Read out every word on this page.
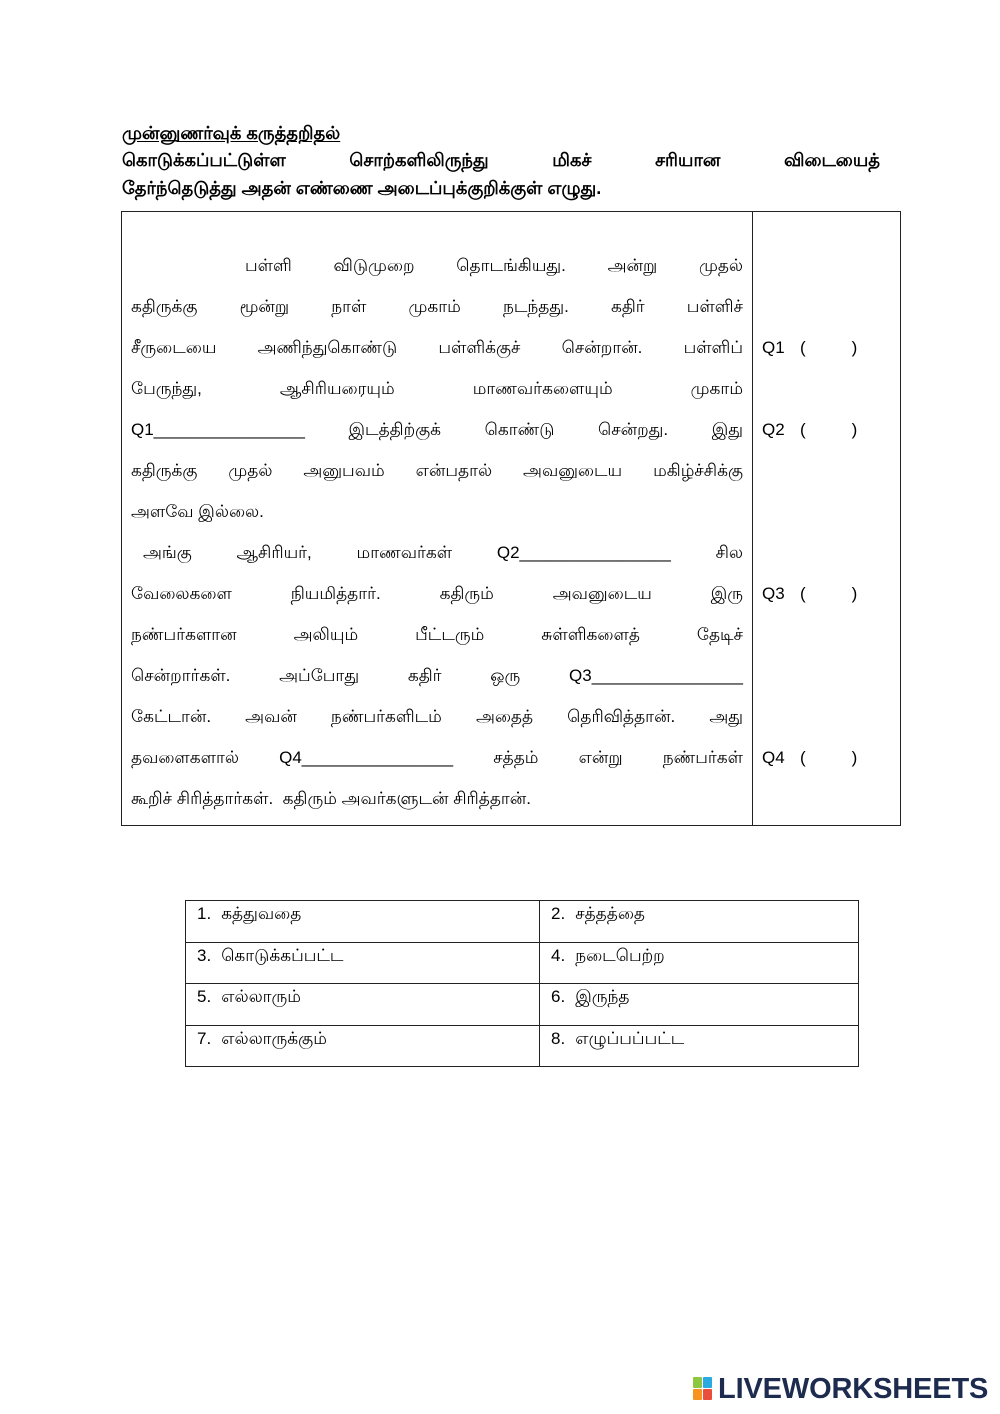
முன்னுணர்வுக் கருத்தறிதல்
கொடுக்கப்பட்டுள்ள சொற்களிலிருந்து மிகச் சரியான விடையைத்
தேர்ந்தெடுத்து அதன் எண்ணை அடைப்புக்குறிக்குள் எழுது.
பள்ளி விடுமுறை தொடங்கியது. அன்று முதல்
கதிருக்கு மூன்று நாள் முகாம் நடந்தது. கதிர் பள்ளிச்
சீருடையை அணிந்துகொண்டு பள்ளிக்குச் சென்றான். பள்ளிப்
பேருந்து, ஆசிரியரையும் மாணவர்களையும் முகாம்
Q1________________ இடத்திற்குக் கொண்டு சென்றது. இது
கதிருக்கு முதல் அனுபவம் என்பதால் அவனுடைய மகிழ்ச்சிக்கு
அளவே இல்லை.
அங்கு ஆசிரியர், மாணவர்கள் Q2________________ சில
வேலைகளை நியமித்தார். கதிரும் அவனுடைய இரு
நண்பர்களான அலியும் பீட்டரும் சுள்ளிகளைத் தேடிச்
சென்றார்கள். அப்போது கதிர் ஒரு Q3________________
கேட்டான். அவன் நண்பர்களிடம் அதைத் தெரிவித்தான். அது
தவளைகளால் Q4________________ சத்தம் என்று நண்பர்கள்
கூறிச் சிரித்தார்கள்.  கதிரும் அவர்களுடன் சிரித்தான்.
Q1 (	)
Q2 (	)
Q3 (	)
Q4 (	)
1. கத்துவதை	2. சத்தத்தை
3. கொடுக்கப்பட்ட	4. நடைபெற்ற
5. எல்லாரும்	6. இருந்த
7. எல்லாருக்கும்	8. எழுப்பப்பட்ட
LIVEWORKSHEETS
